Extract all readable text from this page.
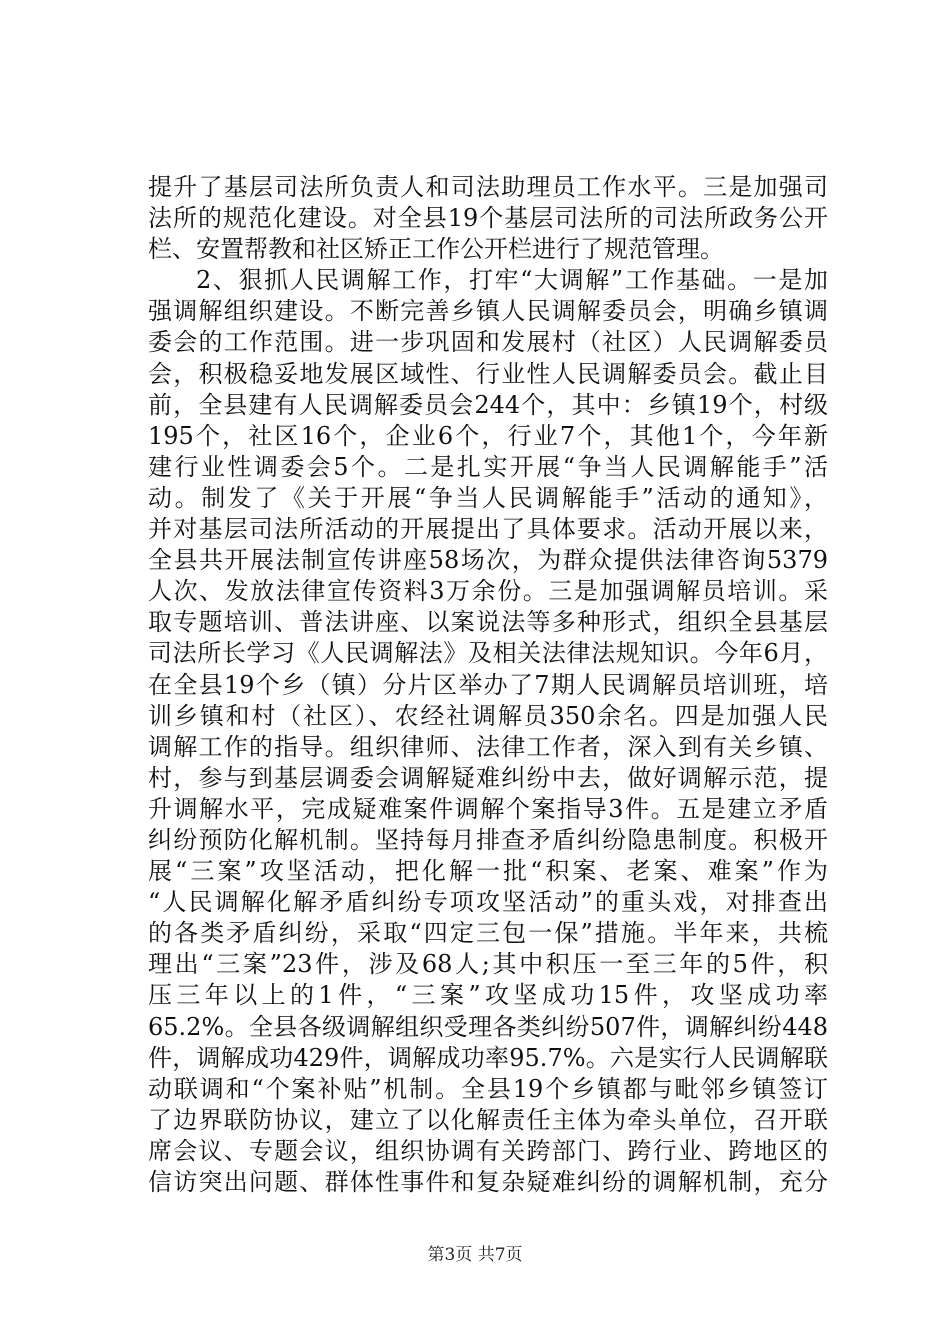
提升了基层司法所负责人和司法助理员工作水平。三是加强司
法所的规范化建设。对全县19个基层司法所的司法所政务公开
栏、安置帮教和社区矫正工作公开栏进行了规范管理。
2、狠抓人民调解工作，打牢“大调解”工作基础。一是加
强调解组织建设。不断完善乡镇人民调解委员会，明确乡镇调
委会的工作范围。进一步巩固和发展村（社区）人民调解委员
会，积极稳妥地发展区域性、行业性人民调解委员会。截止目
前，全县建有人民调解委员会244个，其中：乡镇19个，村级
195个，社区16个，企业6个，行业7个，其他1个，今年新
建行业性调委会5个。二是扎实开展“争当人民调解能手”活
动。制发了《关于开展“争当人民调解能手”活动的通知》，
并对基层司法所活动的开展提出了具体要求。活动开展以来，
全县共开展法制宣传讲座58场次，为群众提供法律咨询5379
人次、发放法律宣传资料3万余份。三是加强调解员培训。采
取专题培训、普法讲座、以案说法等多种形式，组织全县基层
司法所长学习《人民调解法》及相关法律法规知识。今年6月，
在全县19个乡（镇）分片区举办了7期人民调解员培训班，培
训乡镇和村（社区）、农经社调解员350余名。四是加强人民
调解工作的指导。组织律师、法律工作者，深入到有关乡镇、
村，参与到基层调委会调解疑难纠纷中去，做好调解示范，提
升调解水平，完成疑难案件调解个案指导3件。五是建立矛盾
纠纷预防化解机制。坚持每月排查矛盾纠纷隐患制度。积极开
展“三案”攻坚活动，把化解一批“积案、老案、难案”作为
“人民调解化解矛盾纠纷专项攻坚活动”的重头戏，对排查出
的各类矛盾纠纷，采取“四定三包一保”措施。半年来，共梳
理出“三案”23件，涉及68人;其中积压一至三年的5件，积
压三年以上的1件，“三案”攻坚成功15件，攻坚成功率
65.2%。全县各级调解组织受理各类纠纷507件，调解纠纷448
件，调解成功429件，调解成功率95.7%。六是实行人民调解联
动联调和“个案补贴”机制。全县19个乡镇都与毗邻乡镇签订
了边界联防协议，建立了以化解责任主体为牵头单位，召开联
席会议、专题会议，组织协调有关跨部门、跨行业、跨地区的
信访突出问题、群体性事件和复杂疑难纠纷的调解机制，充分
第3页 共7页
